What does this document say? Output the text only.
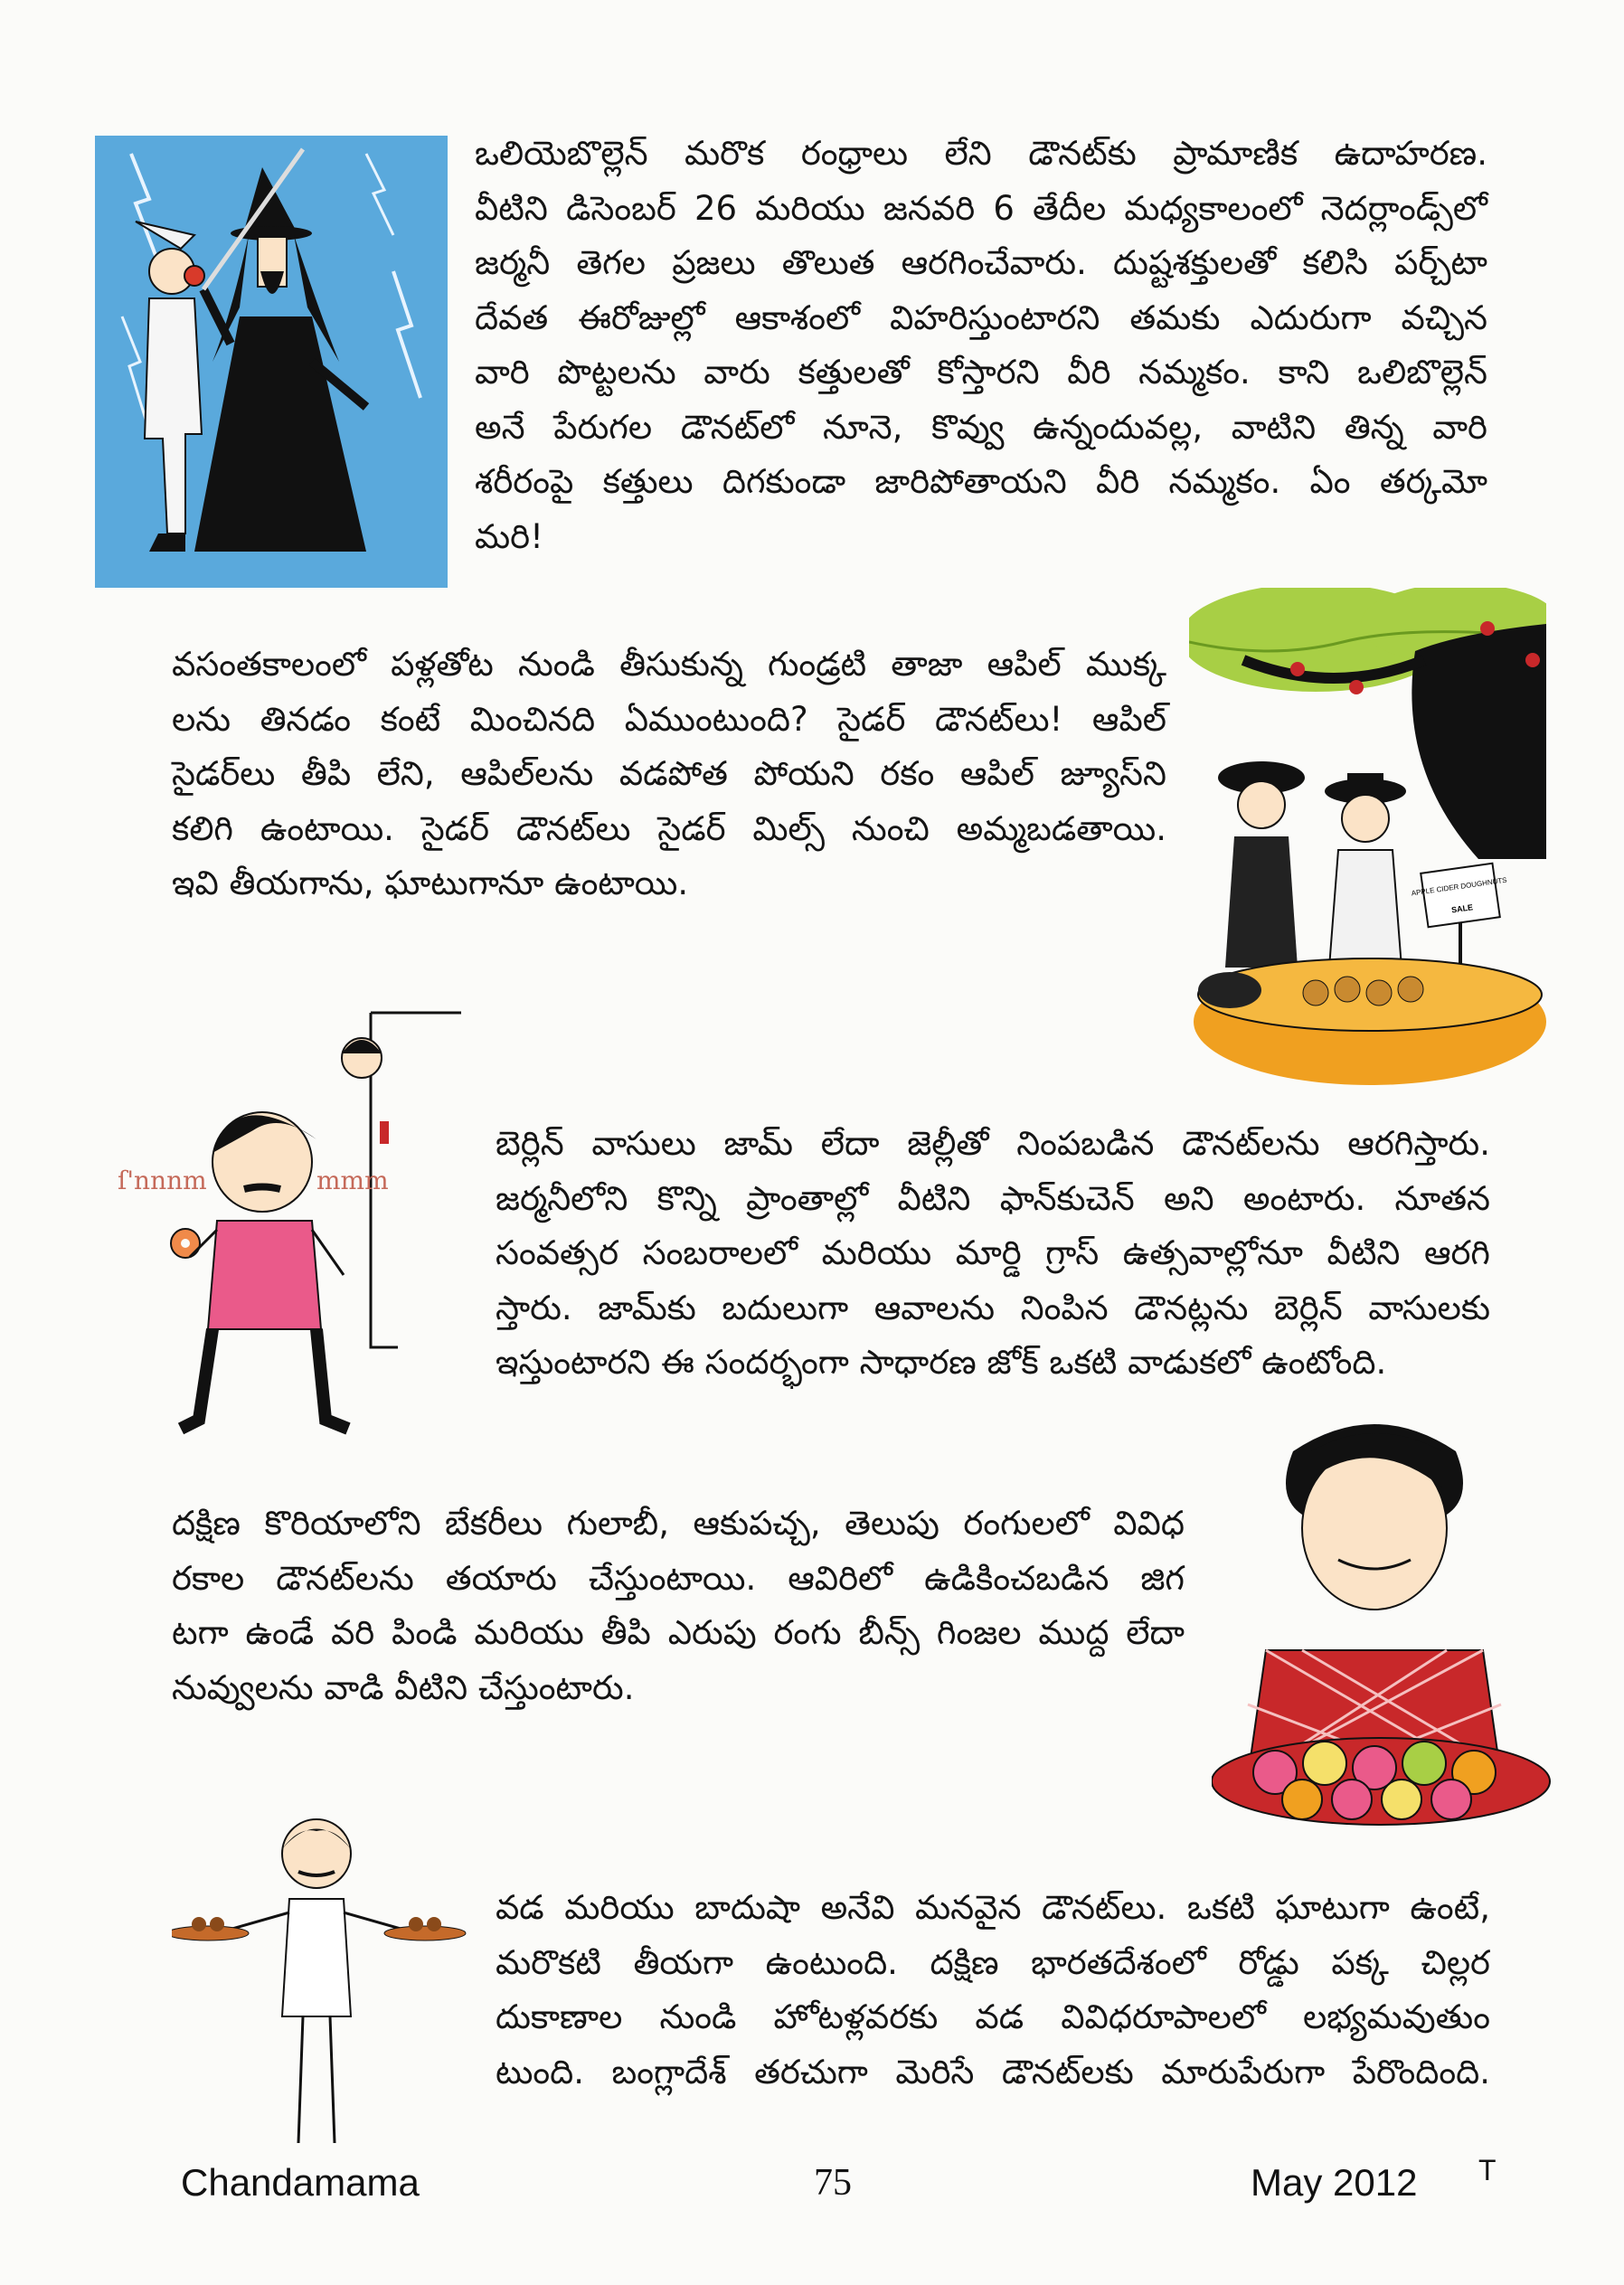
ఒలియెబొల్లెన్ మరొక రంధ్రాలు లేని డౌనట్‌కు ప్రామాణిక ఉదాహరణ.
వీటిని డిసెంబర్ 26 మరియు జనవరి 6 తేదీల మధ్యకాలంలో నెదర్లాండ్స్‌లో
జర్మనీ తెగల ప్రజలు తొలుత ఆరగించేవారు. దుష్టశక్తులతో కలిసి పర్చ్‌టా
దేవత ఈరోజుల్లో ఆకాశంలో విహరిస్తుంటారని తమకు ఎదురుగా వచ్చిన
వారి పొట్టలను వారు కత్తులతో కోస్తారని వీరి నమ్మకం. కాని ఒలిబొల్లెన్
అనే పేరుగల డౌనట్‌లో నూనె, కొవ్వు ఉన్నందువల్ల, వాటిని తిన్న వారి
శరీరంపై కత్తులు దిగకుండా జారిపోతాయని వీరి నమ్మకం. ఏం తర్కమో
మరి!

APPLE CIDER DOUGHNUTS
SALE

వసంతకాలంలో పళ్లతోట నుండి తీసుకున్న గుండ్రటి తాజా ఆపిల్ ముక్క
లను తినడం కంటే మించినది ఏముంటుంది? సైడర్ డౌనట్‌లు! ఆపిల్
సైడర్‌లు తీపి లేని, ఆపిల్‌లను వడపోత పోయని రకం ఆపిల్ జ్యూస్‌ని
కలిగి ఉంటాయి. సైడర్ డౌనట్‌లు సైడర్ మిల్స్ నుంచి అమ్మబడతాయి.
ఇవి తీయగాను, ఘాటుగానూ ఉంటాయి.

ſ'nnnm	mmm

బెర్లిన్ వాసులు జామ్ లేదా జెల్లీతో నింపబడిన డౌనట్‌లను ఆరగిస్తారు.
జర్మనీలోని కొన్ని ప్రాంతాల్లో వీటిని ఫాన్‌కుచెన్ అని అంటారు. నూతన
సంవత్సర సంబరాలలో మరియు మార్డి గ్రాస్ ఉత్సవాల్లోనూ వీటిని ఆరగి
స్తారు. జామ్‌కు బదులుగా ఆవాలను నింపిన డౌనట్లను బెర్లిన్ వాసులకు
ఇస్తుంటారని ఈ సందర్భంగా సాధారణ జోక్ ఒకటి వాడుకలో ఉంటోంది.

దక్షిణ కొరియాలోని బేకరీలు గులాబీ, ఆకుపచ్చ, తెలుపు రంగులలో వివిధ
రకాల డౌనట్‌లను తయారు చేస్తుంటాయి. ఆవిరిలో ఉడికించబడిన జిగ
టగా ఉండే వరి పిండి మరియు తీపి ఎరుపు రంగు బీన్స్ గింజల ముద్ద లేదా
నువ్వులను వాడి వీటిని చేస్తుంటారు.

వడ మరియు బాదుషా అనేవి మనవైన డౌనట్‌లు. ఒకటి ఘాటుగా ఉంటే,
మరొకటి తీయగా ఉంటుంది. దక్షిణ భారతదేశంలో రోడ్డు పక్క చిల్లర
దుకాణాల నుండి హోటళ్లవరకు వడ వివిధరూపాలలో లభ్యమవుతుం
టుంది. బంగ్లాదేశ్ తరచుగా మెరిసే డౌనట్‌లకు మారుపేరుగా పేరొందింది.

Chandamama	75	May 2012 T
